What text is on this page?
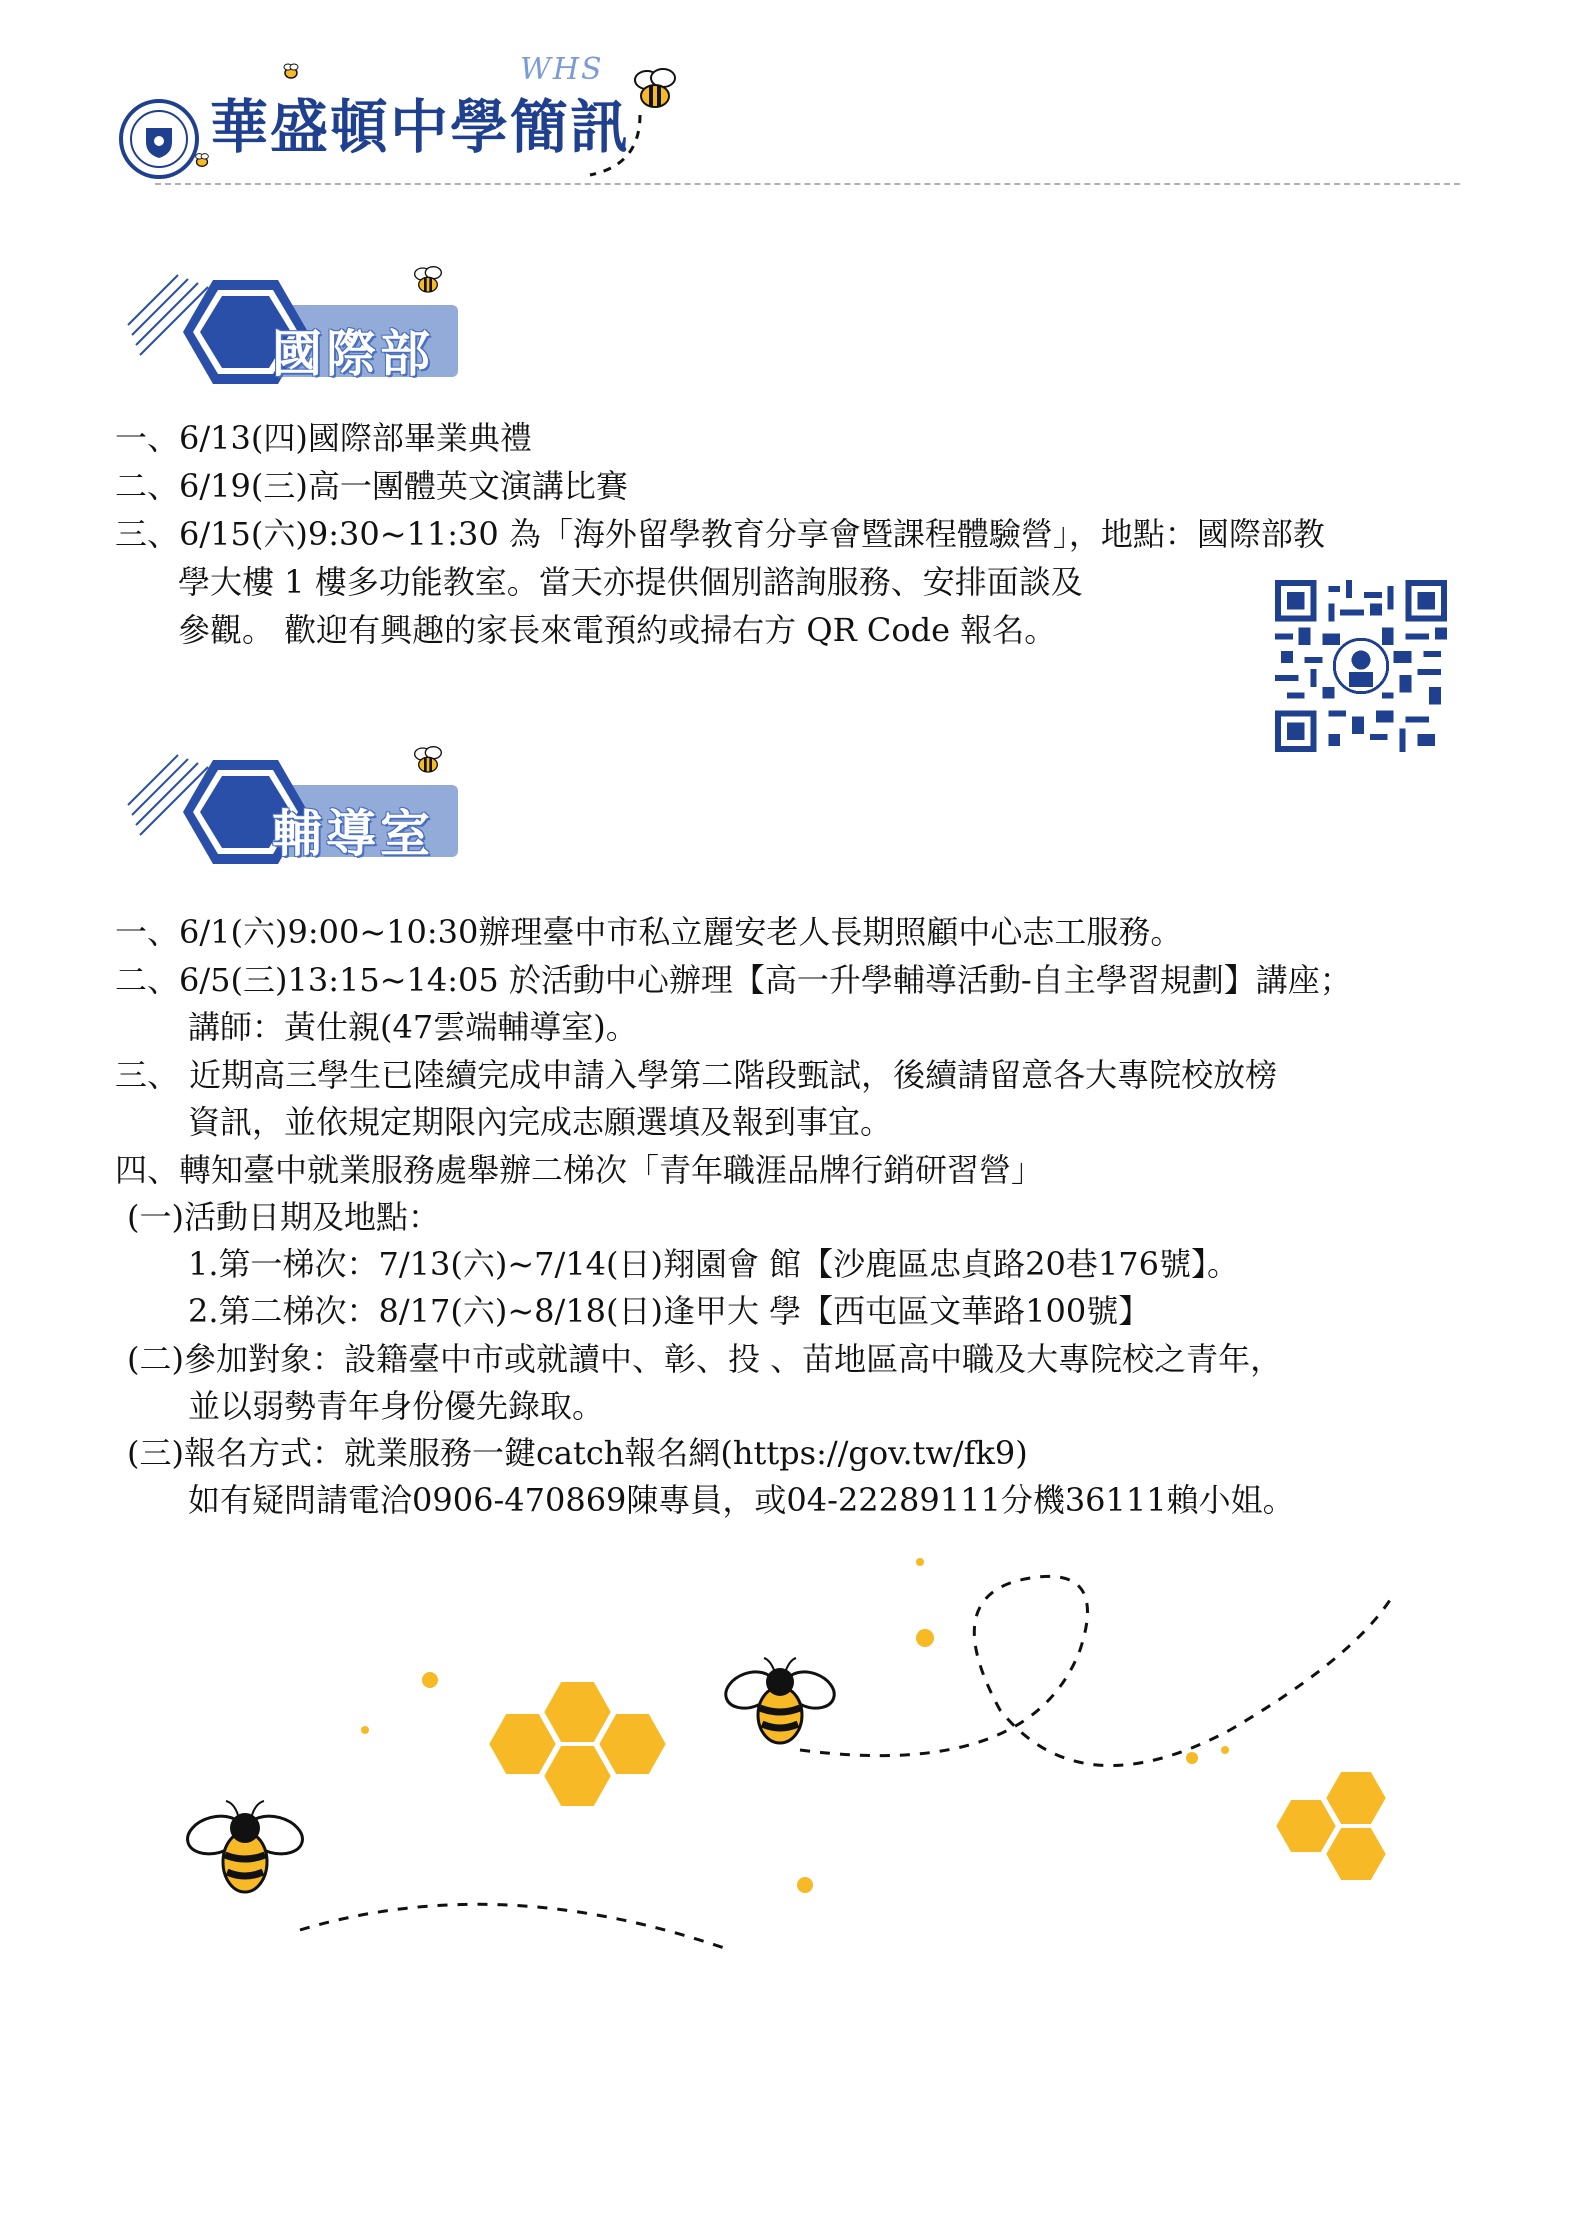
華盛頓中學簡訊
WHS
國際部
一、6/13(四)國際部畢業典禮
二、6/19(三)高一團體英文演講比賽
三、6/15(六)9:30~11:30 為「海外留學教育分享會暨課程體驗營」，地點：國際部教
學大樓 1 樓多功能教室。當天亦提供個別諮詢服務、安排面談及
參觀。 歡迎有興趣的家長來電預約或掃右方 QR Code 報名。
輔導室
一、6/1(六)9:00~10:30辦理臺中市私立麗安老人長期照顧中心志工服務。
二、6/5(三)13:15~14:05 於活動中心辦理【高一升學輔導活動-自主學習規劃】講座；
講師：黃仕親(47雲端輔導室)。
三、 近期高三學生已陸續完成申請入學第二階段甄試，後續請留意各大專院校放榜
資訊，並依規定期限內完成志願選填及報到事宜。
四、轉知臺中就業服務處舉辦二梯次「青年職涯品牌行銷研習營」
(一)活動日期及地點：
1.第一梯次：7/13(六)~7/14(日)翔園會 館【沙鹿區忠貞路20巷176號】。
2.第二梯次：8/17(六)~8/18(日)逢甲大 學【西屯區文華路100號】
(二)參加對象：設籍臺中市或就讀中、彰、投 、苗地區高中職及大專院校之青年，
並以弱勢青年身份優先錄取。
(三)報名方式：就業服務一鍵catch報名網(https://gov.tw/fk9)
如有疑問請電洽0906-470869陳專員，或04-22289111分機36111賴小姐。
